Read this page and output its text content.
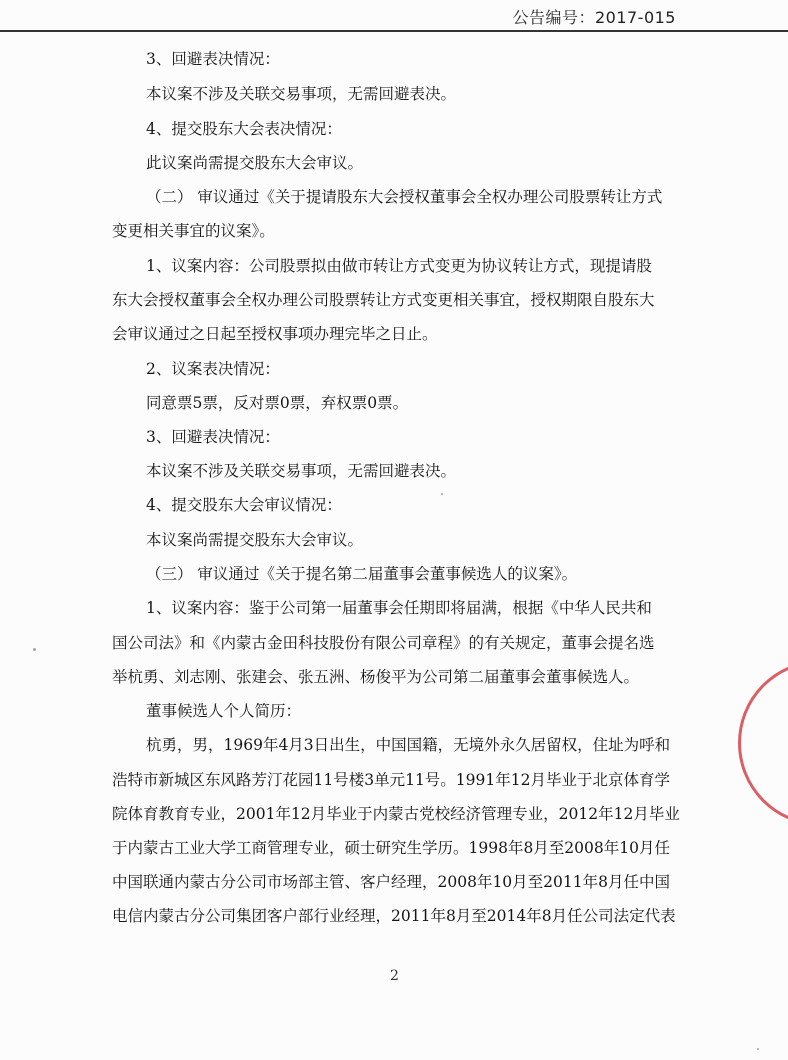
公告编号：2017-015
3、回避表决情况：
本议案不涉及关联交易事项，无需回避表决。
4、提交股东大会表决情况：
此议案尚需提交股东大会审议。
（二） 审议通过《关于提请股东大会授权董事会全权办理公司股票转让方式
变更相关事宜的议案》。
1、议案内容：公司股票拟由做市转让方式变更为协议转让方式，现提请股
东大会授权董事会全权办理公司股票转让方式变更相关事宜，授权期限自股东大
会审议通过之日起至授权事项办理完毕之日止。
2、议案表决情况：
同意票5票，反对票0票，弃权票0票。
3、回避表决情况：
本议案不涉及关联交易事项，无需回避表决。
4、提交股东大会审议情况：
本议案尚需提交股东大会审议。
（三） 审议通过《关于提名第二届董事会董事候选人的议案》。
1、议案内容：鉴于公司第一届董事会任期即将届满，根据《中华人民共和
国公司法》和《内蒙古金田科技股份有限公司章程》的有关规定，董事会提名选
举杭勇、刘志刚、张建会、张五洲、杨俊平为公司第二届董事会董事候选人。
董事候选人个人简历：
杭勇，男，1969年4月3日出生，中国国籍，无境外永久居留权，住址为呼和
浩特市新城区东风路芳汀花园11号楼3单元11号。1991年12月毕业于北京体育学
院体育教育专业，2001年12月毕业于内蒙古党校经济管理专业，2012年12月毕业
于内蒙古工业大学工商管理专业，硕士研究生学历。1998年8月至2008年10月任
中国联通内蒙古分公司市场部主管、客户经理，2008年10月至2011年8月任中国
电信内蒙古分公司集团客户部行业经理，2011年8月至2014年8月任公司法定代表
2
